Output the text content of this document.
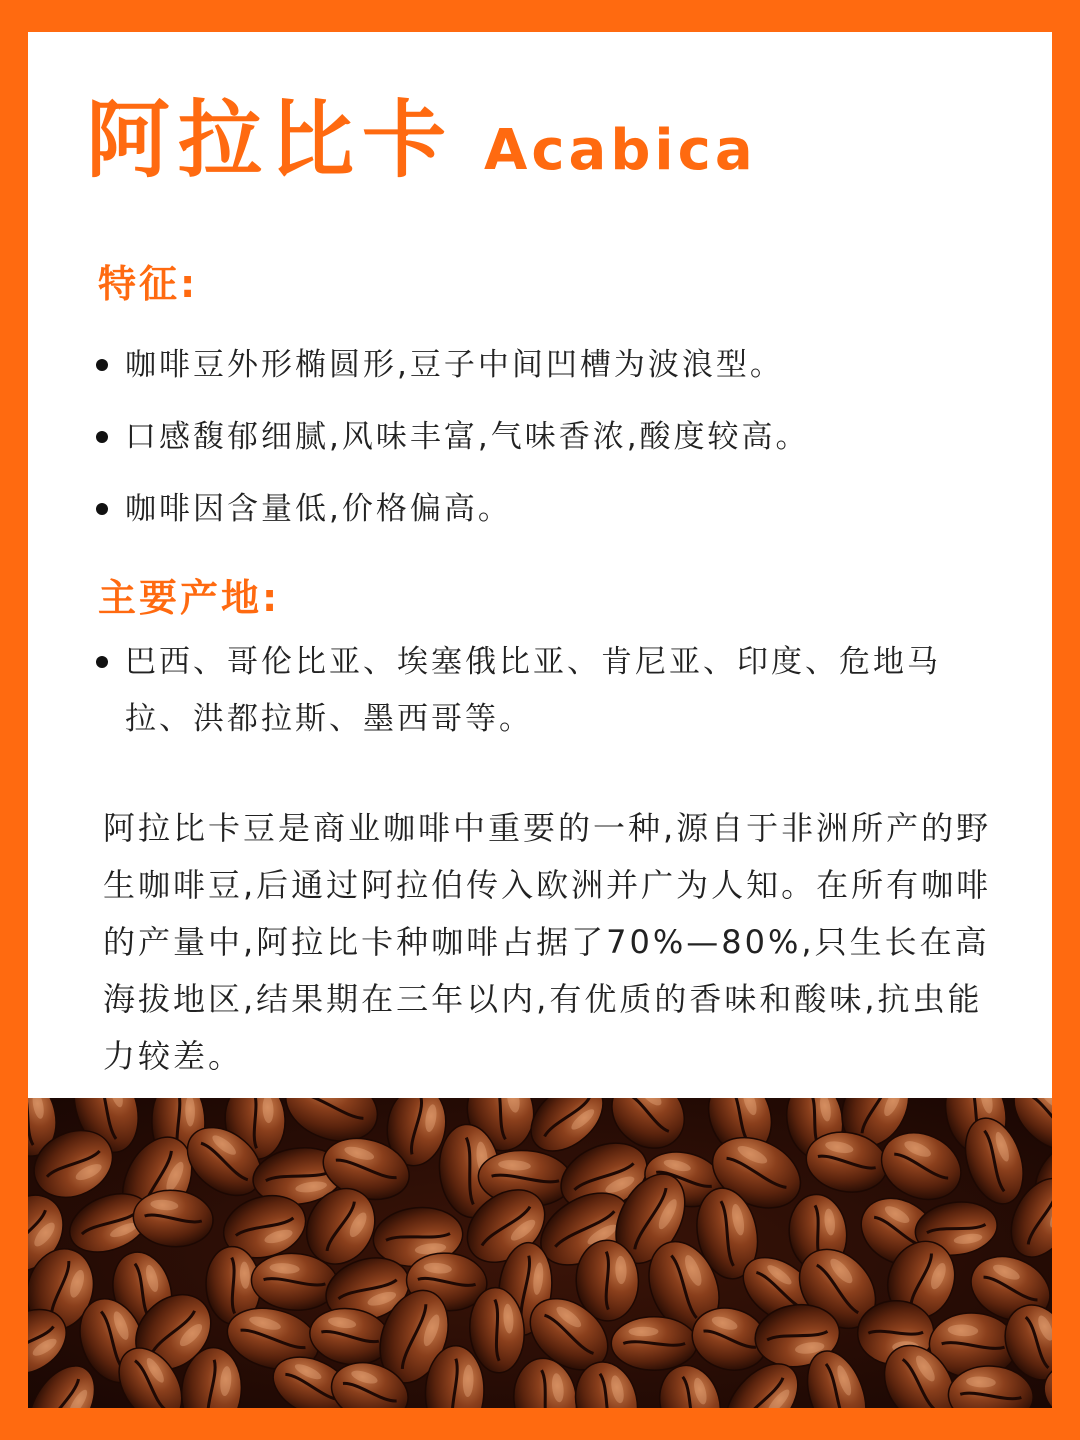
阿拉比卡 Acabica
特征:
咖啡豆外形椭圆形,豆子中间凹槽为波浪型。
口感馥郁细腻,风味丰富,气味香浓,酸度较高。
咖啡因含量低,价格偏高。
主要产地:
巴西、哥伦比亚、埃塞俄比亚、肯尼亚、印度、危地马拉、洪都拉斯、墨西哥等。

阿拉比卡豆是商业咖啡中重要的一种,源自于非洲所产的野生咖啡豆,后通过阿拉伯传入欧洲并广为人知。在所有咖啡的产量中,阿拉比卡种咖啡占据了70%—80%,只生长在高海拔地区,结果期在三年以内,有优质的香味和酸味,抗虫能力较差。
